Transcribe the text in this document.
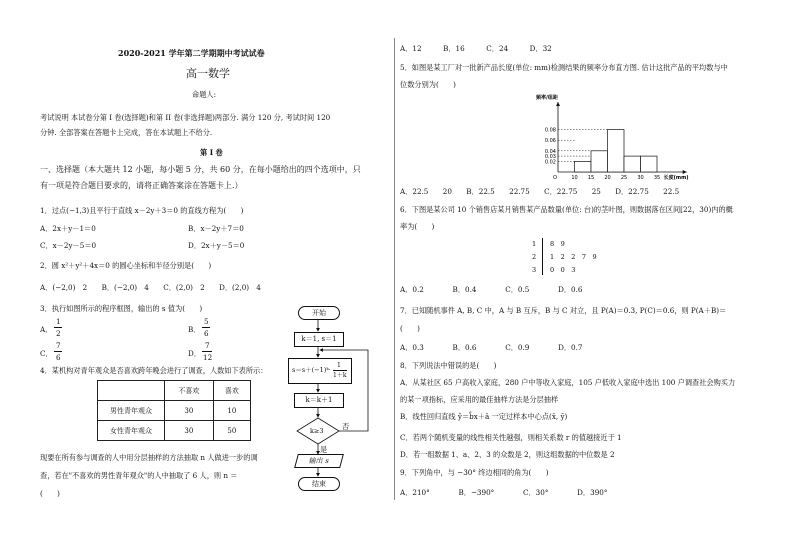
2020-2021 学年第二学期期中考试试卷
高一数学
命题人:
考试说明 本试卷分第 I 卷(选择题)和第 II 卷(非选择题)两部分. 满分 120 分, 考试时间 120
分钟. 全部答案在答题卡上完成，答在本试题上不给分.
第 I 卷
一、选择题（本大题共 12 小题，每小题 5 分，共 60 分，在每小题给出的四个选项中，只
有一项是符合题目要求的，请将正确答案涂在答题卡上.）
1．过点(−1,3)且平行于直线 x－2y＋3＝0 的直线方程为(　　)
A．2x＋y－1＝0	B．x－2y＋7＝0
C．x－2y－5＝0	D．2x＋y－5＝0
2．圆 x²＋y²＋4x＝0 的圆心坐标和半径分别是(　　)
A．(−2,0)　2　　B．(−2,0)　4　　C．(2,0)　2　　D．(2,0)　4
3．执行如图所示的程序框图，输出的 s 值为(　　)
A．
1
2	B．
5
6
C．
7
6	D．
7
12
4．某机构对青年观众是否喜欢跨年晚会进行了调查，人数如下表所示：
	不喜欢	喜欢
男性青年观众	30	10
女性青年观众	30	50
现要在所有参与调查的人中用分层抽样的方法抽取 n 人做进一步的调
查，若在"不喜欢的男性青年观众"的人中抽取了 6 人，则 n ＝
(　　)
开始
k＝1, s＝1
s＝s＋(−1)ᵏ·
1
1＋k
k＝k＋1
k≥3	否
是
输出 s
结束
A．12　　　B．16　　　C．24　　　D．32
5．如图是某工厂对一批新产品长度(单位: mm)检测结果的频率分布直方图. 估计这批产品的平均数与中
位数分别为(　　)
0.08
0.06
0.04
0.03
0.02
10 15 20 25 30 35
频率/组距
长度(mm)
O
A．22.5　　20　　B．22.5　　22.75　　C．22.75　　25　　D．22.75　　22.5
6．下图是某公司 10 个销售店某月销售某产品数量(单位: 台)的茎叶图，则数据落在区间[22，30)内的概
率为(　　)
1 8　9
2 1　2　2　7　9
3 0　0　3
A．0.2　　　　B．0.4　　　　C．0.5　　　　D．0.6
7．已知随机事件 A, B, C 中，A 与 B 互斥，B 与 C 对立，且 P(A)＝0.3, P(C)＝0.6，则 P(A＋B)＝
(　　)
A．0.3　　　　B．0.6　　　　C．0.9　　　　D．0.7
8．下列说法中错误的是(　　)
A．从某社区 65 户高收入家庭，280 户中等收入家庭，105 户低收入家庭中选出 100 户调查社会购买力
的某一项指标，应采用的最佳抽样方法是分层抽样
B．线性回归直线 ŷ＝b̂x＋â 一定过样本中心点(x̄, ȳ)
C．若两个随机变量的线性相关性越强，则相关系数 r 的值越接近于 1
D．若一组数据 1、a、2、3 的众数是 2，则这组数据的中位数是 2
9．下列角中，与 −30° 终边相同的角为(　　)
A．210°　　　　B．−390°　　　　C．30°　　　　D．390°
